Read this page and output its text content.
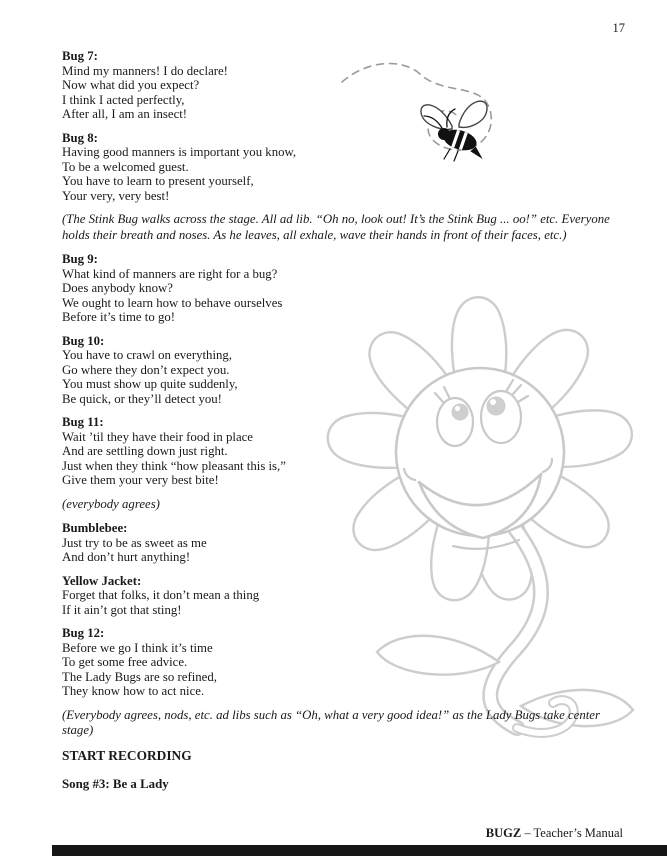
17
Bug 7:
Mind my manners! I do declare!
Now what did you expect?
I think I acted perfectly,
After all, I am an insect!
Bug 8:
Having good manners is important you know,
To be a welcomed guest.
You have to learn to present yourself,
Your very, very best!

(The Stink Bug walks across the stage. All ad lib. “Oh no, look out! It’s the Stink Bug ... oo!” etc. Everyone holds their breath and noses. As he leaves, all exhale, wave their hands in front of their faces, etc.)

Bug 9:
What kind of manners are right for a bug?
Does anybody know?
We ought to learn how to behave ourselves
Before it’s time to go!
Bug 10:
You have to crawl on everything,
Go where they don’t expect you.
You must show up quite suddenly,
Be quick, or they’ll detect you!
Bug 11:
Wait ’til they have their food in place
And are settling down just right.
Just when they think “how pleasant this is,”
Give them your very best bite!

(everybody agrees)

Bumblebee:
Just try to be as sweet as me
And don’t hurt anything!
Yellow Jacket:
Forget that folks, it don’t mean a thing
If it ain’t got that sting!
Bug 12:
Before we go I think it’s time
To get some free advice.
The Lady Bugs are so refined,
They know how to act nice.

(Everybody agrees, nods, etc. ad libs such as “Oh, what a very good idea!” as the Lady Bugs take center stage)

START RECORDING
Song #3: Be a Lady
BUGZ – Teacher’s Manual
